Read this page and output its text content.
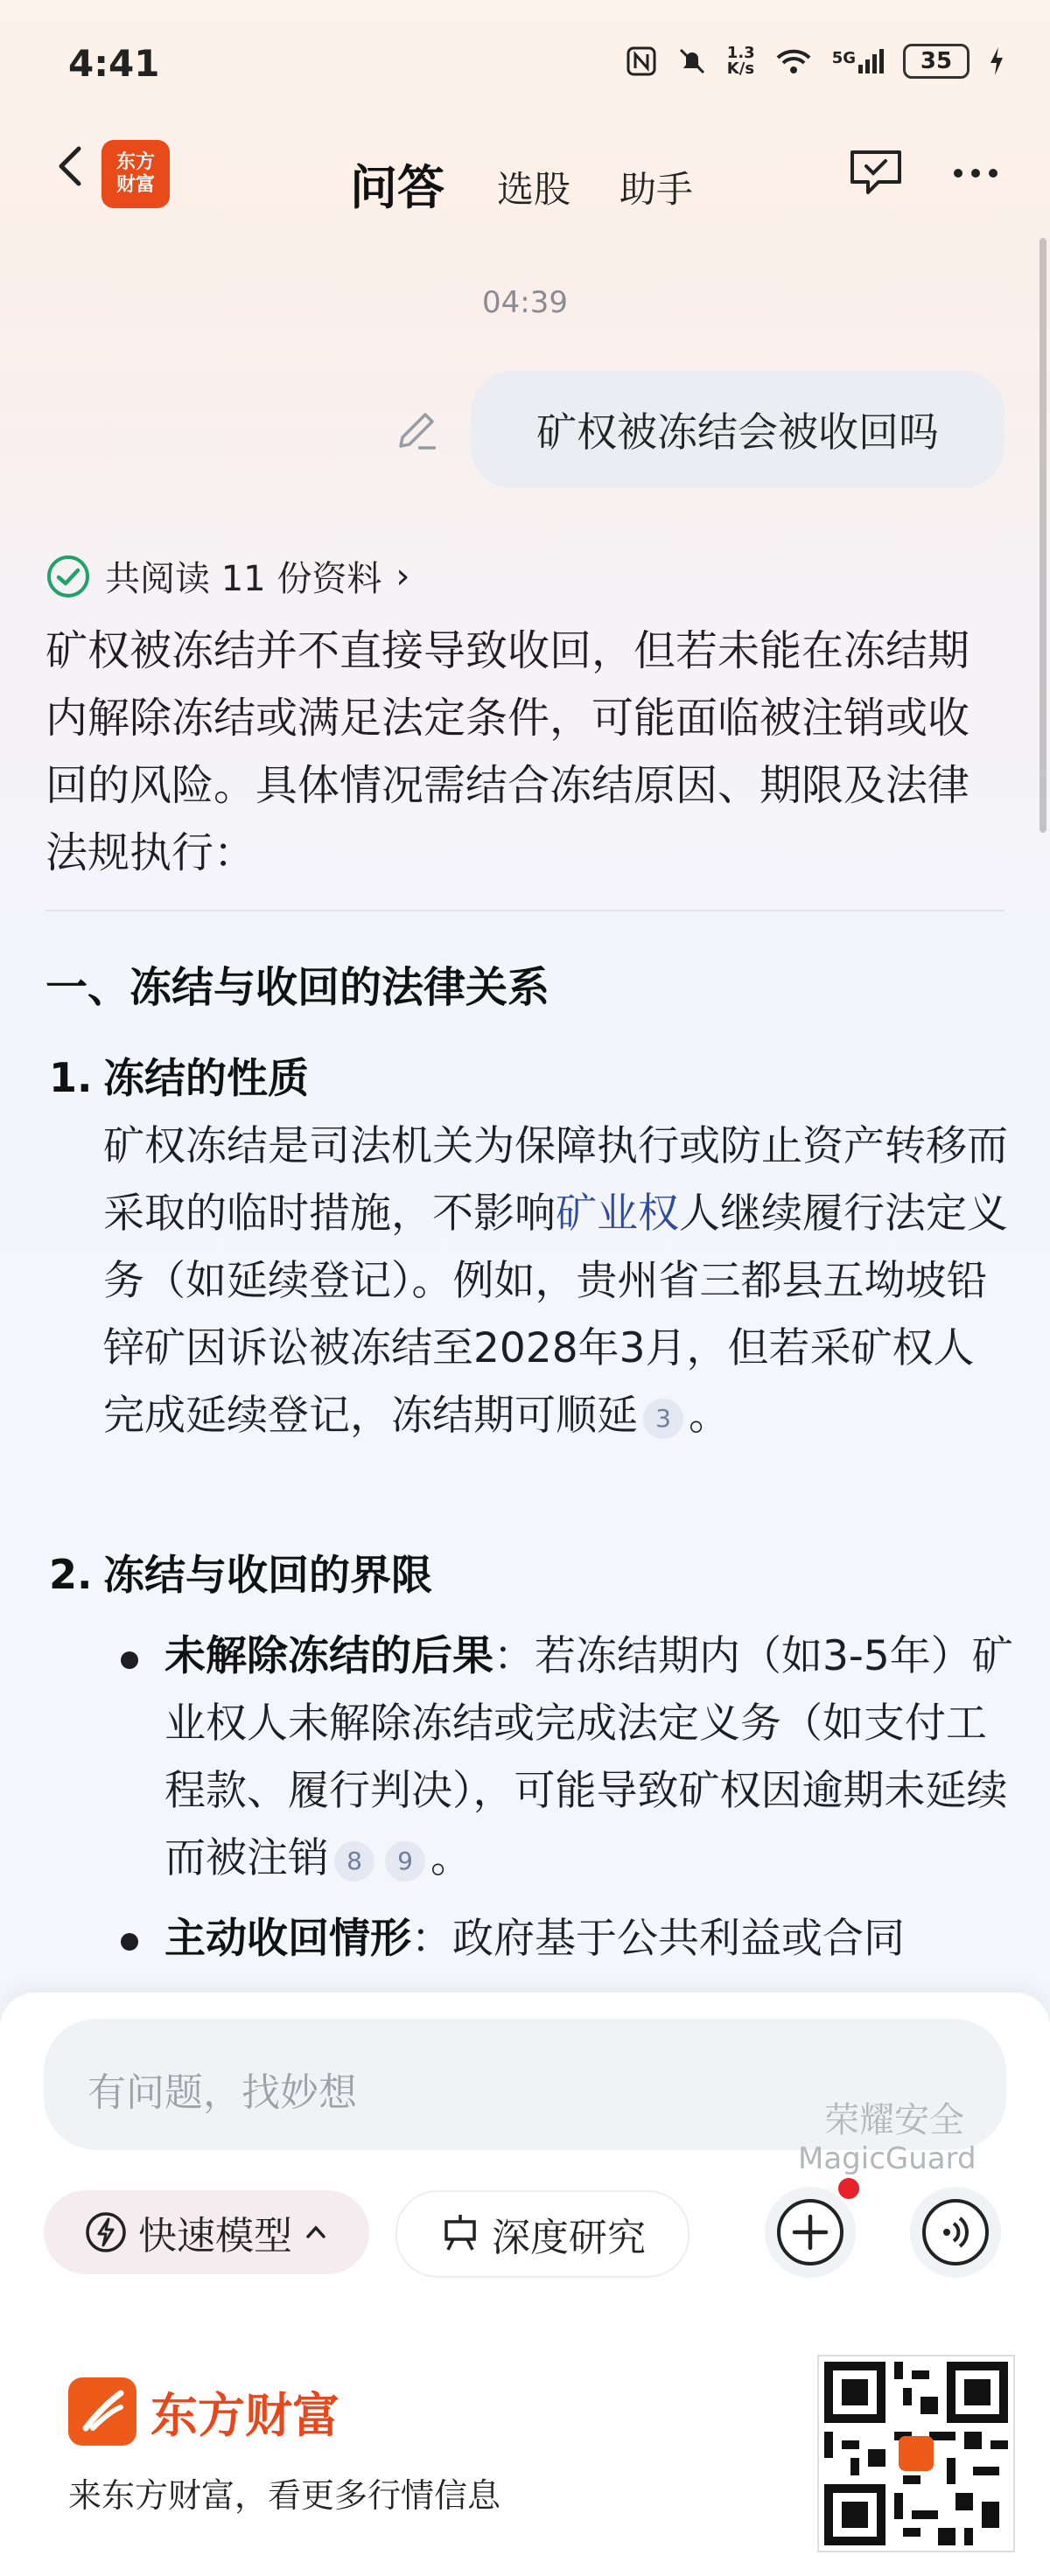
4:41	1.3
K/s
5G	35
东方
财富	问答 选股 助手
04:39
矿权被冻结会被收回吗
共阅读 11 份资料 ›
矿权被冻结并不直接导致收回，但若未能在冻结期内解除冻结或满足法定条件，可能面临被注销或收回的风险。具体情况需结合冻结原因、期限及法律法规执行：
一、冻结与收回的法律关系
1. 冻结的性质
矿权冻结是司法机关为保障执行或防止资产转移而采取的临时措施，不影响矿业权人继续履行法定义务（如延续登记）。例如，贵州省三都县五坳坡铅锌矿因诉讼被冻结至2028年3月，但若采矿权人完成延续登记，冻结期可顺延 3 。
2. 冻结与收回的界限
未解除冻结的后果：若冻结期内（如3-5年）矿业权人未解除冻结或完成法定义务（如支付工程款、履行判决），可能导致矿权因逾期未延续而被注销 8 9 。
主动收回情形：政府基于公共利益或合同
有问题，找妙想
荣耀安全
MagicGuard
快速模型	深度研究
东方财富
来东方财富，看更多行情信息
